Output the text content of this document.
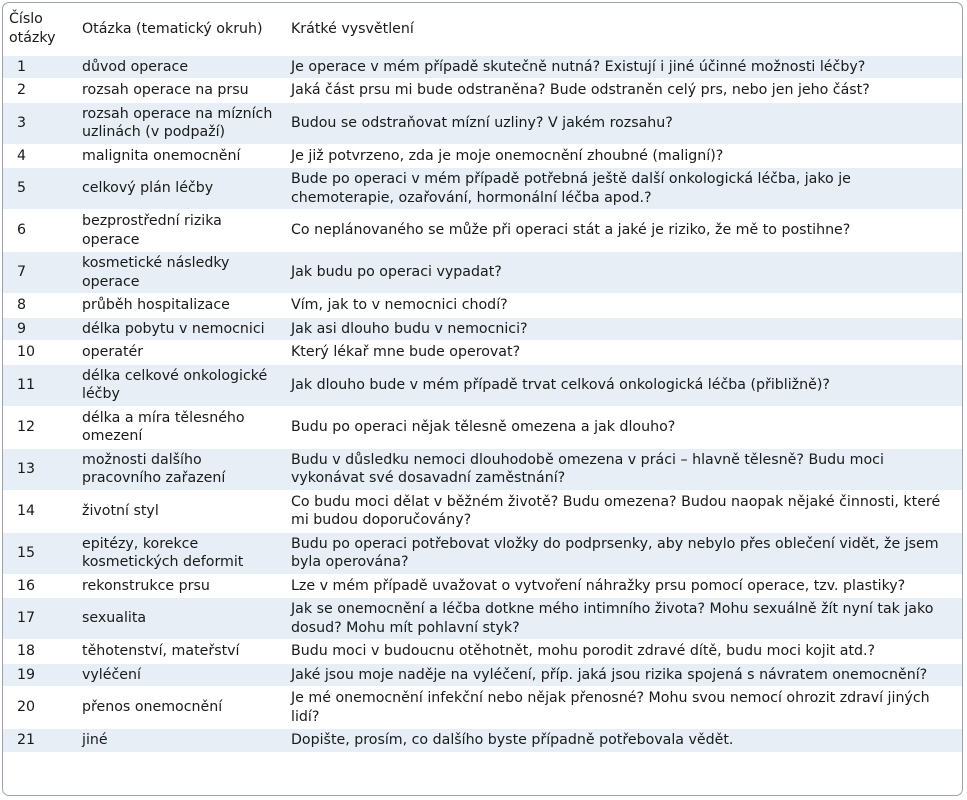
Číslo otázky	Otázka (tematický okruh)	Krátké vysvětlení
1	důvod operace	Je operace v mém případě skutečně nutná? Existují i jiné účinné možnosti léčby?
2	rozsah operace na prsu	Jaká část prsu mi bude odstraněna? Bude odstraněn celý prs, nebo jen jeho část?
3	rozsah operace na mízních uzlinách (v podpaží)	Budou se odstraňovat mízní uzliny? V jakém rozsahu?
4	malignita onemocnění	Je již potvrzeno, zda je moje onemocnění zhoubné (maligní)?
5	celkový plán léčby	Bude po operaci v mém případě potřebná ještě další onkologická léčba, jako je chemoterapie, ozařování, hormonální léčba apod.?
6	bezprostřední rizika operace	Co neplánovaného se může při operaci stát a jaké je riziko, že mě to postihne?
7	kosmetické následky operace	Jak budu po operaci vypadat?
8	průběh hospitalizace	Vím, jak to v nemocnici chodí?
9	délka pobytu v nemocnici	Jak asi dlouho budu v nemocnici?
10	operatér	Který lékař mne bude operovat?
11	délka celkové onkologické léčby	Jak dlouho bude v mém případě trvat celková onkologická léčba (přibližně)?
12	délka a míra tělesného omezení	Budu po operaci nějak tělesně omezena a jak dlouho?
13	možnosti dalšího pracovního zařazení	Budu v důsledku nemoci dlouhodobě omezena v práci – hlavně tělesně? Budu moci vykonávat své dosavadní zaměstnání?
14	životní styl	Co budu moci dělat v běžném životě? Budu omezena? Budou naopak nějaké činnosti, které mi budou doporučovány?
15	epitézy, korekce kosmetických deformit	Budu po operaci potřebovat vložky do podprsenky, aby nebylo přes oblečení vidět, že jsem byla operována?
16	rekonstrukce prsu	Lze v mém případě uvažovat o vytvoření náhražky prsu pomocí operace, tzv. plastiky?
17	sexualita	Jak se onemocnění a léčba dotkne mého intimního života? Mohu sexuálně žít nyní tak jako dosud? Mohu mít pohlavní styk?
18	těhotenství, mateřství	Budu moci v budoucnu otěhotnět, mohu porodit zdravé dítě, budu moci kojit atd.?
19	vyléčení	Jaké jsou moje naděje na vyléčení, příp. jaká jsou rizika spojená s návratem onemocnění?
20	přenos onemocnění	Je mé onemocnění infekční nebo nějak přenosné? Mohu svou nemocí ohrozit zdraví jiných lidí?
21	jiné	Dopište, prosím, co dalšího byste případně potřebovala vědět.
